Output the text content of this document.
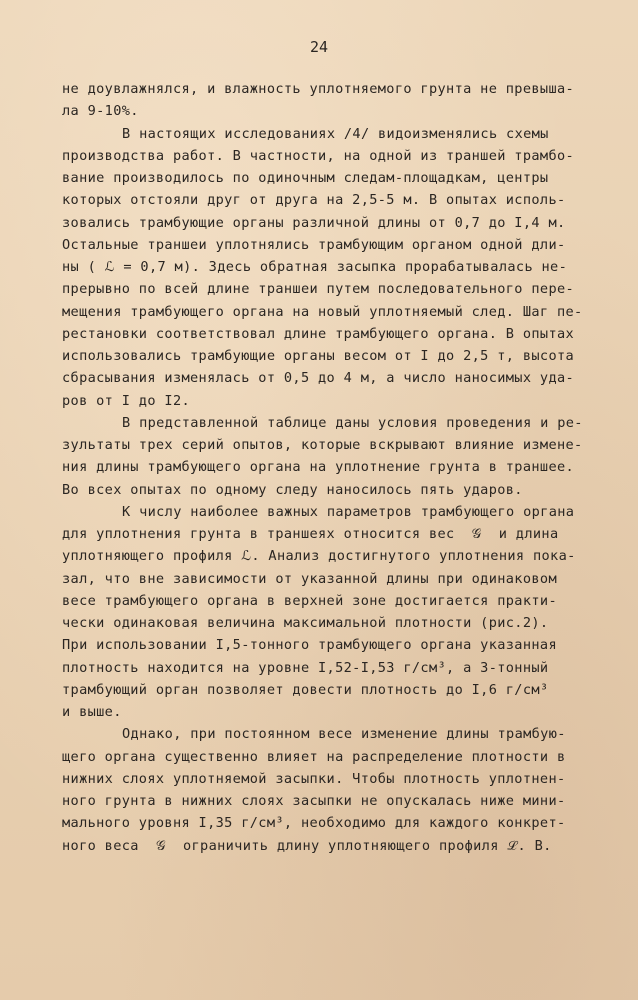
24
не доувлажнялся, и влажность уплотняемого грунта не превыша-
ла 9-10%.
В настоящих исследованиях /4/ видоизменялись схемы
производства работ. В частности, на одной из траншей трамбо-
вание производилось по одиночным следам-площадкам, центры
которых отстояли друг от друга на 2,5-5 м. В опытах исполь-
зовались трамбующие органы различной длины от 0,7 до I,4 м.
Остальные траншеи уплотнялись трамбующим органом одной дли-
ны ( ℒ = 0,7 м). Здесь обратная засыпка прорабатывалась не-
прерывно по всей длине траншеи путем последовательного пере-
мещения трамбующего органа на новый уплотняемый след. Шаг пе-
рестановки соответствовал длине трамбующего органа. В опытах
использовались трамбующие органы весом от I до 2,5 т, высота
сбрасывания изменялась от 0,5 до 4 м, а число наносимых уда-
ров от I до I2.
В представленной таблице даны условия проведения и ре-
зультаты трех серий опытов, которые вскрывают влияние измене-
ния длины трамбующего органа на уплотнение грунта в траншее.
Во всех опытах по одному следу наносилось пять ударов.
К числу наиболее важных параметров трамбующего органа
для уплотнения грунта в траншеях относится вес  𝒢  и длина
уплотняющего профиля ℒ. Анализ достигнутого уплотнения пока-
зал, что вне зависимости от указанной длины при одинаковом
весе трамбующего органа в верхней зоне достигается практи-
чески одинаковая величина максимальной плотности (рис.2).
При использовании I,5-тонного трамбующего органа указанная
плотность находится на уровне I,52-I,53 г/см³, а 3-тонный
трамбующий орган позволяет довести плотность до I,6 г/см³
и выше.
Однако, при постоянном весе изменение длины трамбую-
щего органа существенно влияет на распределение плотности в
нижних слоях уплотняемой засыпки. Чтобы плотность уплотнен-
ного грунта в нижних слоях засыпки не опускалась ниже мини-
мального уровня I,35 г/см³, необходимо для каждого конкрет-
ного веса  𝒢  ограничить длину уплотняющего профиля ℒ. В.
